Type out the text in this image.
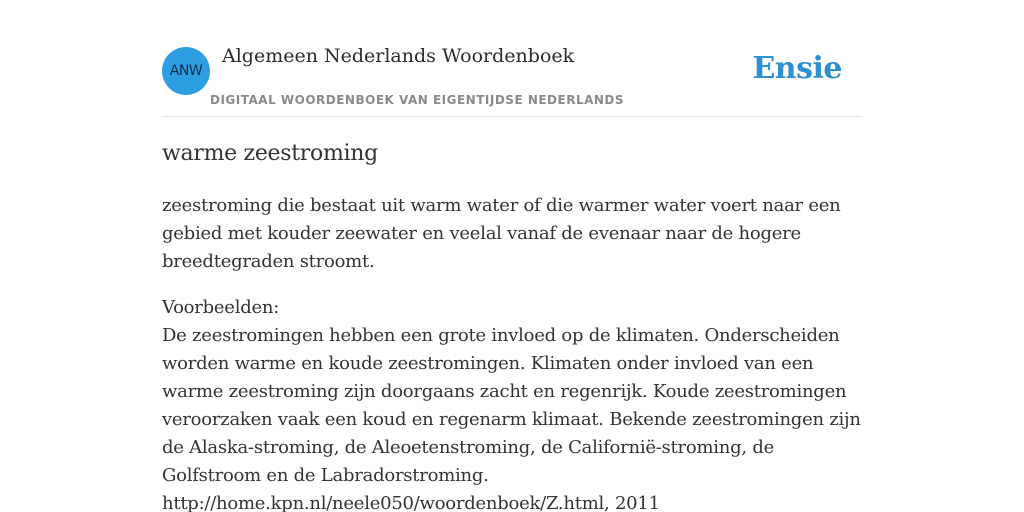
ANW
Algemeen Nederlands Woordenboek
DIGITAAL WOORDENBOEK VAN EIGENTIJDSE NEDERLANDS
Ensie
warme zeestroming

zeestroming die bestaat uit warm water of die warmer water voert naar een gebied met kouder zeewater en veelal vanaf de evenaar naar de hogere breedtegraden stroomt.

Voorbeelden:
De zeestromingen hebben een grote invloed op de klimaten. Onderscheiden worden warme en koude zeestromingen. Klimaten onder invloed van een warme zeestroming zijn doorgaans zacht en regenrijk. Koude zeestromingen veroorzaken vaak een koud en regenarm klimaat. Bekende zeestromingen zijn de Alaska-stroming, de Aleoetenstroming, de Californië-stroming, de Golfstroom en de Labradorstroming.
http://home.kpn.nl/neele050/woordenboek/Z.html, 2011
